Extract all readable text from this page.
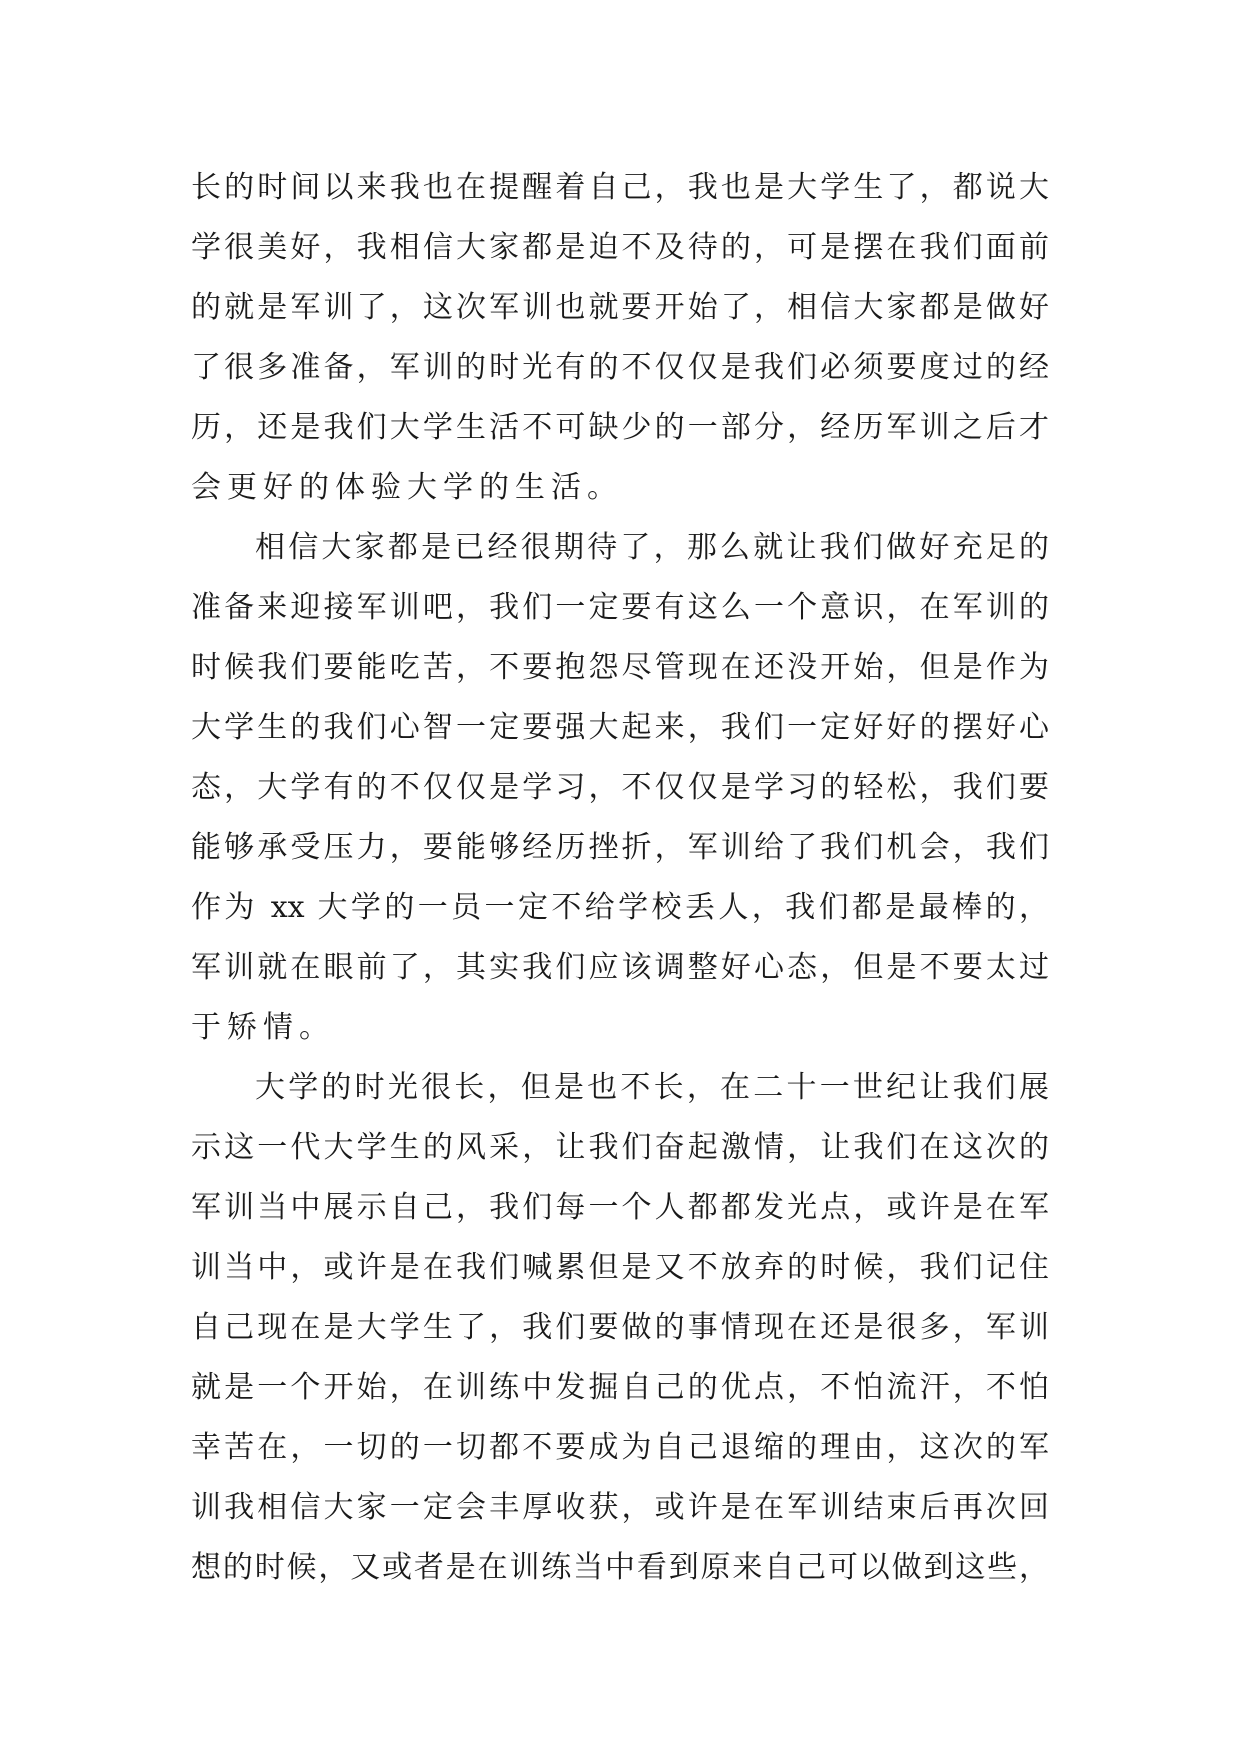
长的时间以来我也在提醒着自己，我也是大学生了，都说大
学很美好，我相信大家都是迫不及待的，可是摆在我们面前
的就是军训了，这次军训也就要开始了，相信大家都是做好
了很多准备，军训的时光有的不仅仅是我们必须要度过的经
历，还是我们大学生活不可缺少的一部分，经历军训之后才
会更好的体验大学的生活。
相信大家都是已经很期待了，那么就让我们做好充足的
准备来迎接军训吧，我们一定要有这么一个意识，在军训的
时候我们要能吃苦，不要抱怨尽管现在还没开始，但是作为
大学生的我们心智一定要强大起来，我们一定好好的摆好心
态，大学有的不仅仅是学习，不仅仅是学习的轻松，我们要
能够承受压力，要能够经历挫折，军训给了我们机会，我们
作为 xx 大学的一员一定不给学校丢人，我们都是最棒的，
军训就在眼前了，其实我们应该调整好心态，但是不要太过
于矫情。
大学的时光很长，但是也不长，在二十一世纪让我们展
示这一代大学生的风采，让我们奋起激情，让我们在这次的
军训当中展示自己，我们每一个人都都发光点，或许是在军
训当中，或许是在我们喊累但是又不放弃的时候，我们记住
自己现在是大学生了，我们要做的事情现在还是很多，军训
就是一个开始，在训练中发掘自己的优点，不怕流汗，不怕
幸苦在，一切的一切都不要成为自己退缩的理由，这次的军
训我相信大家一定会丰厚收获，或许是在军训结束后再次回
想的时候，又或者是在训练当中看到原来自己可以做到这些，
